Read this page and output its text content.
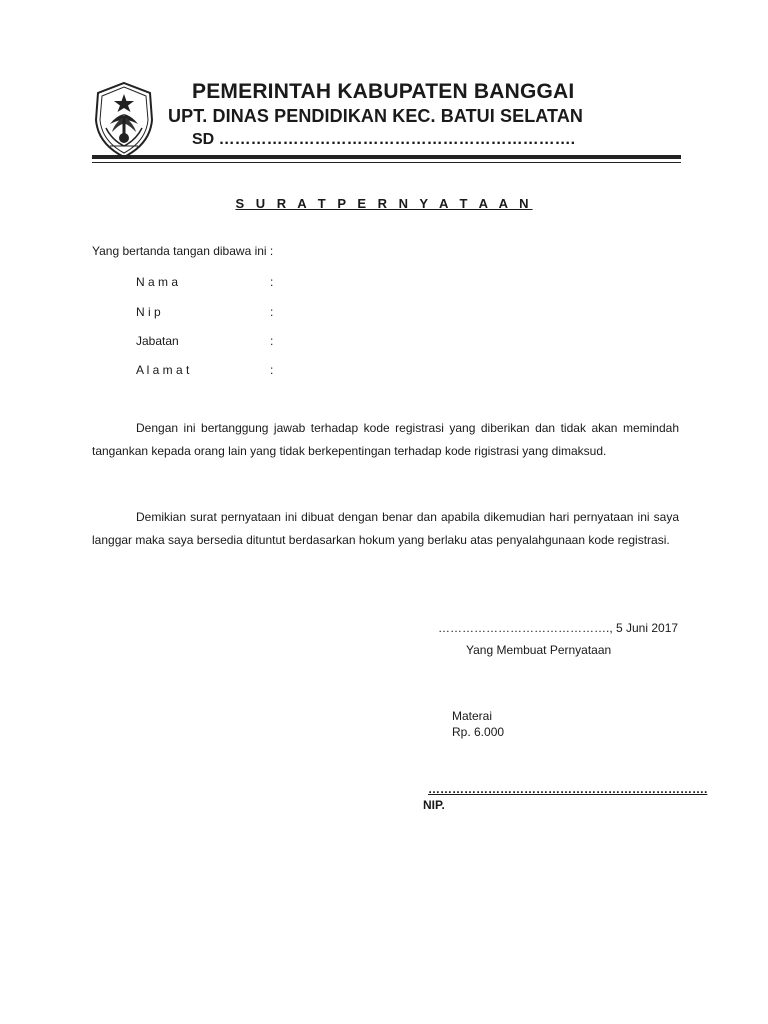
PEMERINTAH KABUPATEN BANGGAI
UPT. DINAS PENDIDIKAN KEC. BATUI SELATAN
SD ………………………………………………………….
S U R A T P E R N Y A T A A N
Yang bertanda tangan dibawa ini :
N a m a	:
N i p	:
Jabatan	:
A l a m a t	:

Dengan ini bertanggung jawab terhadap kode registrasi yang diberikan dan tidak akan memindah tangankan kepada orang lain yang tidak berkepentingan terhadap kode rigistrasi yang dimaksud.

Demikian surat pernyataan ini dibuat dengan benar dan apabila dikemudian hari pernyataan ini saya langgar maka saya bersedia dituntut berdasarkan hokum yang berlaku atas penyalahgunaan kode registrasi.

……………………………………., 5 Juni 2017
Yang Membuat Pernyataan
Materai
Rp. 6.000
…………………………………………………………….
NIP.
